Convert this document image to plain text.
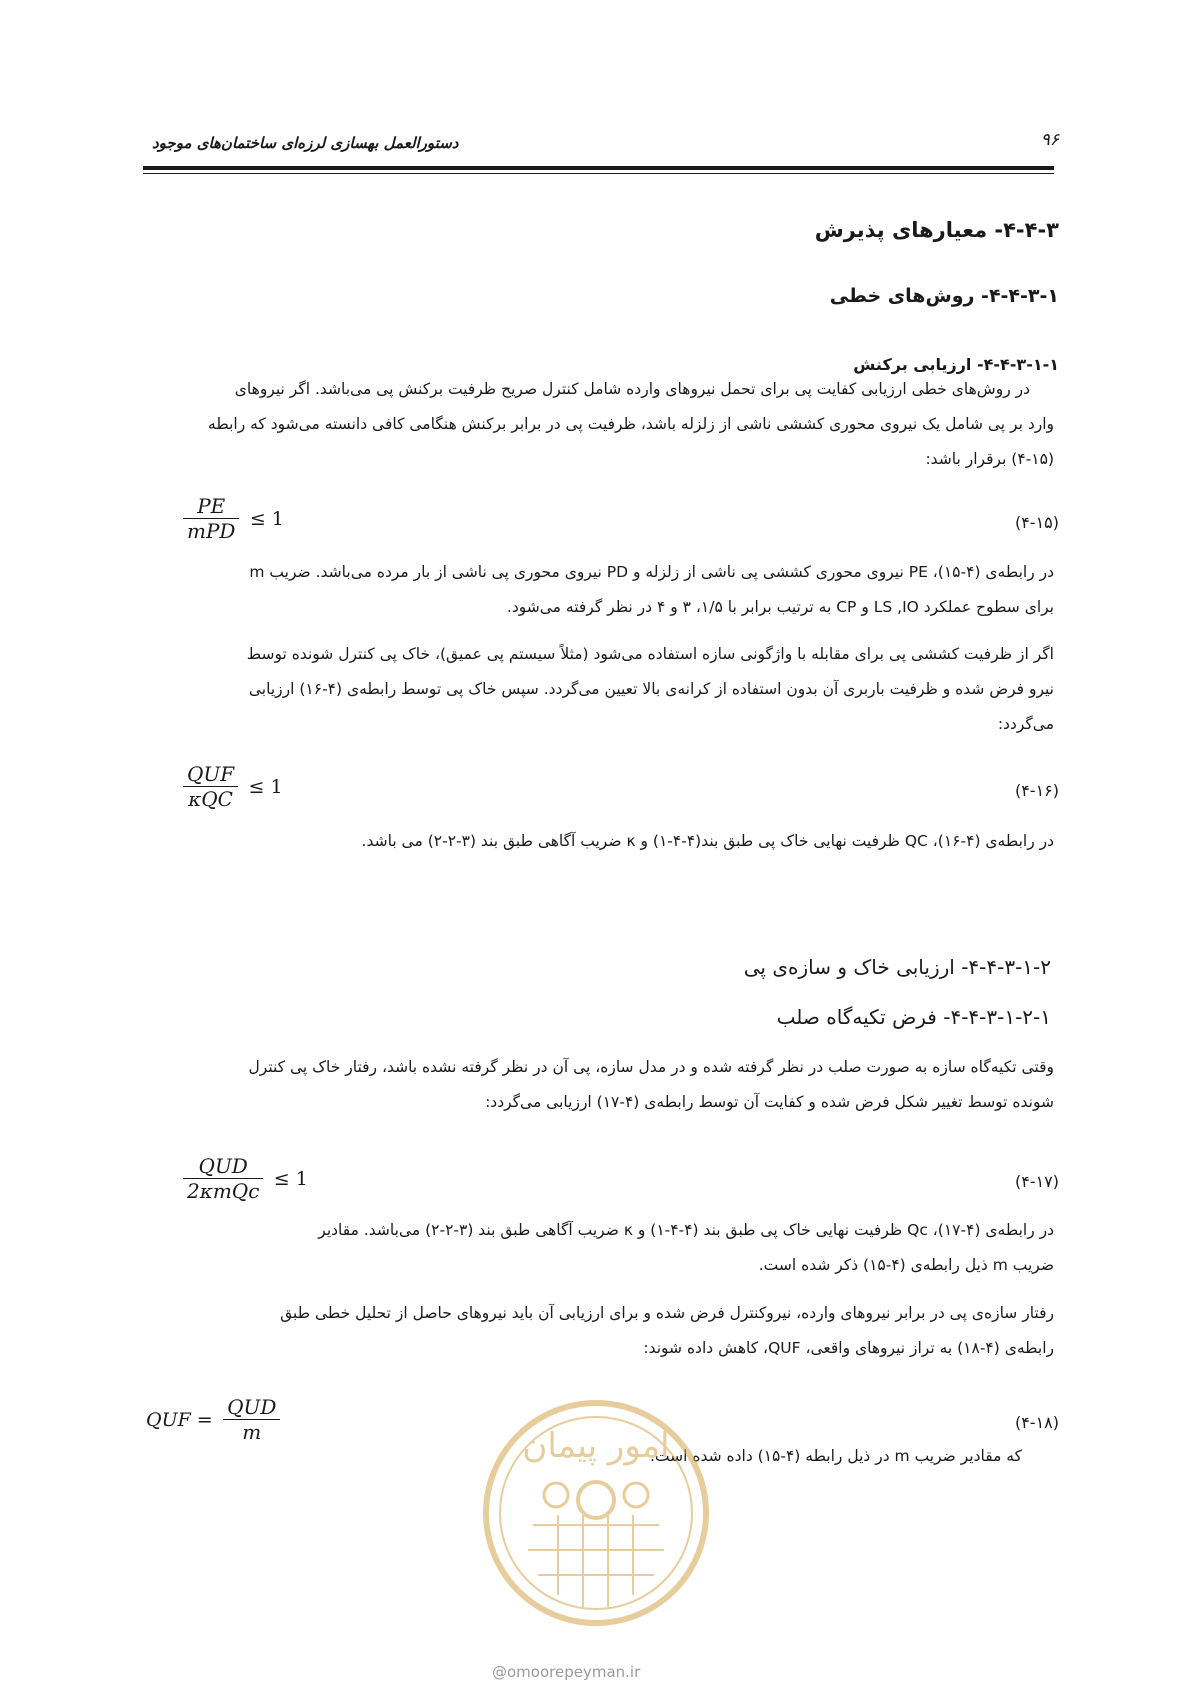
دستورالعمل بهسازی لرزه‌ای ساختمان‌های موجود	۹۶
۴-۴-۳- معیارهای پذیرش
۴-۴-۳-۱- روش‌های خطی
۴-۴-۳-۱-۱- ارزیابی برکنش
در روش‌های خطی ارزیابی کفایت پی برای تحمل نیروهای وارده شامل کنترل صریح ظرفیت برکنش پی می‌باشد. اگر نیروهای
وارد بر پی شامل یک نیروی محوری کششی ناشی از زلزله باشد، ظرفیت پی در برابر برکنش هنگامی کافی دانسته می‌شود که رابطه
(۴-۱۵) برقرار باشد:
$\frac{PE}{\text{mPD}} \le 1$	(۴-۱۵)
در رابطه‌ی (۴-۱۵)، PE نیروی محوری کششی پی ناشی از زلزله و PD نیروی محوری پی ناشی از بار مرده می‌باشد. ضریب m
برای سطوح عملکرد LS ,IO و CP به ترتیب برابر با ۱/۵، ۳ و ۴ در نظر گرفته می‌شود.
اگر از ظرفیت کششی پی برای مقابله با واژگونی سازه استفاده می‌شود (مثلاً سیستم پی عمیق)، خاک پی کنترل شونده توسط
نیرو فرض شده و ظرفیت باربری آن بدون استفاده از کرانه‌ی بالا تعیین می‌گردد. سپس خاک پی توسط رابطه‌ی (۴-۱۶) ارزیابی
می‌گردد:
$\frac{\text{QUF}}{\text{κQC}} \le 1$	(۴-۱۶)
در رابطه‌ی (۴-۱۶)، QC ظرفیت نهایی خاک پی طبق بند(۴-۴-۱) و κ ضریب آگاهی طبق بند (۳-۲-۲) می باشد.
۴-۴-۳-۱-۲- ارزیابی خاک و سازه‌ی پی
۴-۴-۳-۱-۲-۱- فرض تکیه‌گاه صلب
وقتی تکیه‌گاه سازه به صورت صلب در نظر گرفته شده و در مدل سازه، پی آن در نظر گرفته نشده باشد، رفتار خاک پی کنترل
شونده توسط تغییر شکل فرض شده و کفایت آن توسط رابطه‌ی (۴-۱۷) ارزیابی می‌گردد:
$\frac{\text{QUD}}{\text{2κmQc}} \le 1$	(۴-۱۷)
در رابطه‌ی (۴-۱۷)، Qc ظرفیت نهایی خاک پی طبق بند (۴-۴-۱) و κ ضریب آگاهی طبق بند (۳-۲-۲) می‌باشد. مقادیر
ضریب m ذیل رابطه‌ی (۴-۱۵) ذکر شده است.
رفتار سازه‌ی پی در برابر نیروهای وارده، نیروکنترل فرض شده و برای ارزیابی آن باید نیروهای حاصل از تحلیل خطی طبق
رابطه‌ی (۴-۱۸) به تراز نیروهای واقعی، QUF، کاهش داده شوند:
QUF = $\frac{\text{QUD}}{m}$	(۴-۱۸)
که مقادیر ضریب m در ذیل رابطه (۴-۱۵) داده شده است.
امور پیمان
@omoorepeyman.ir
